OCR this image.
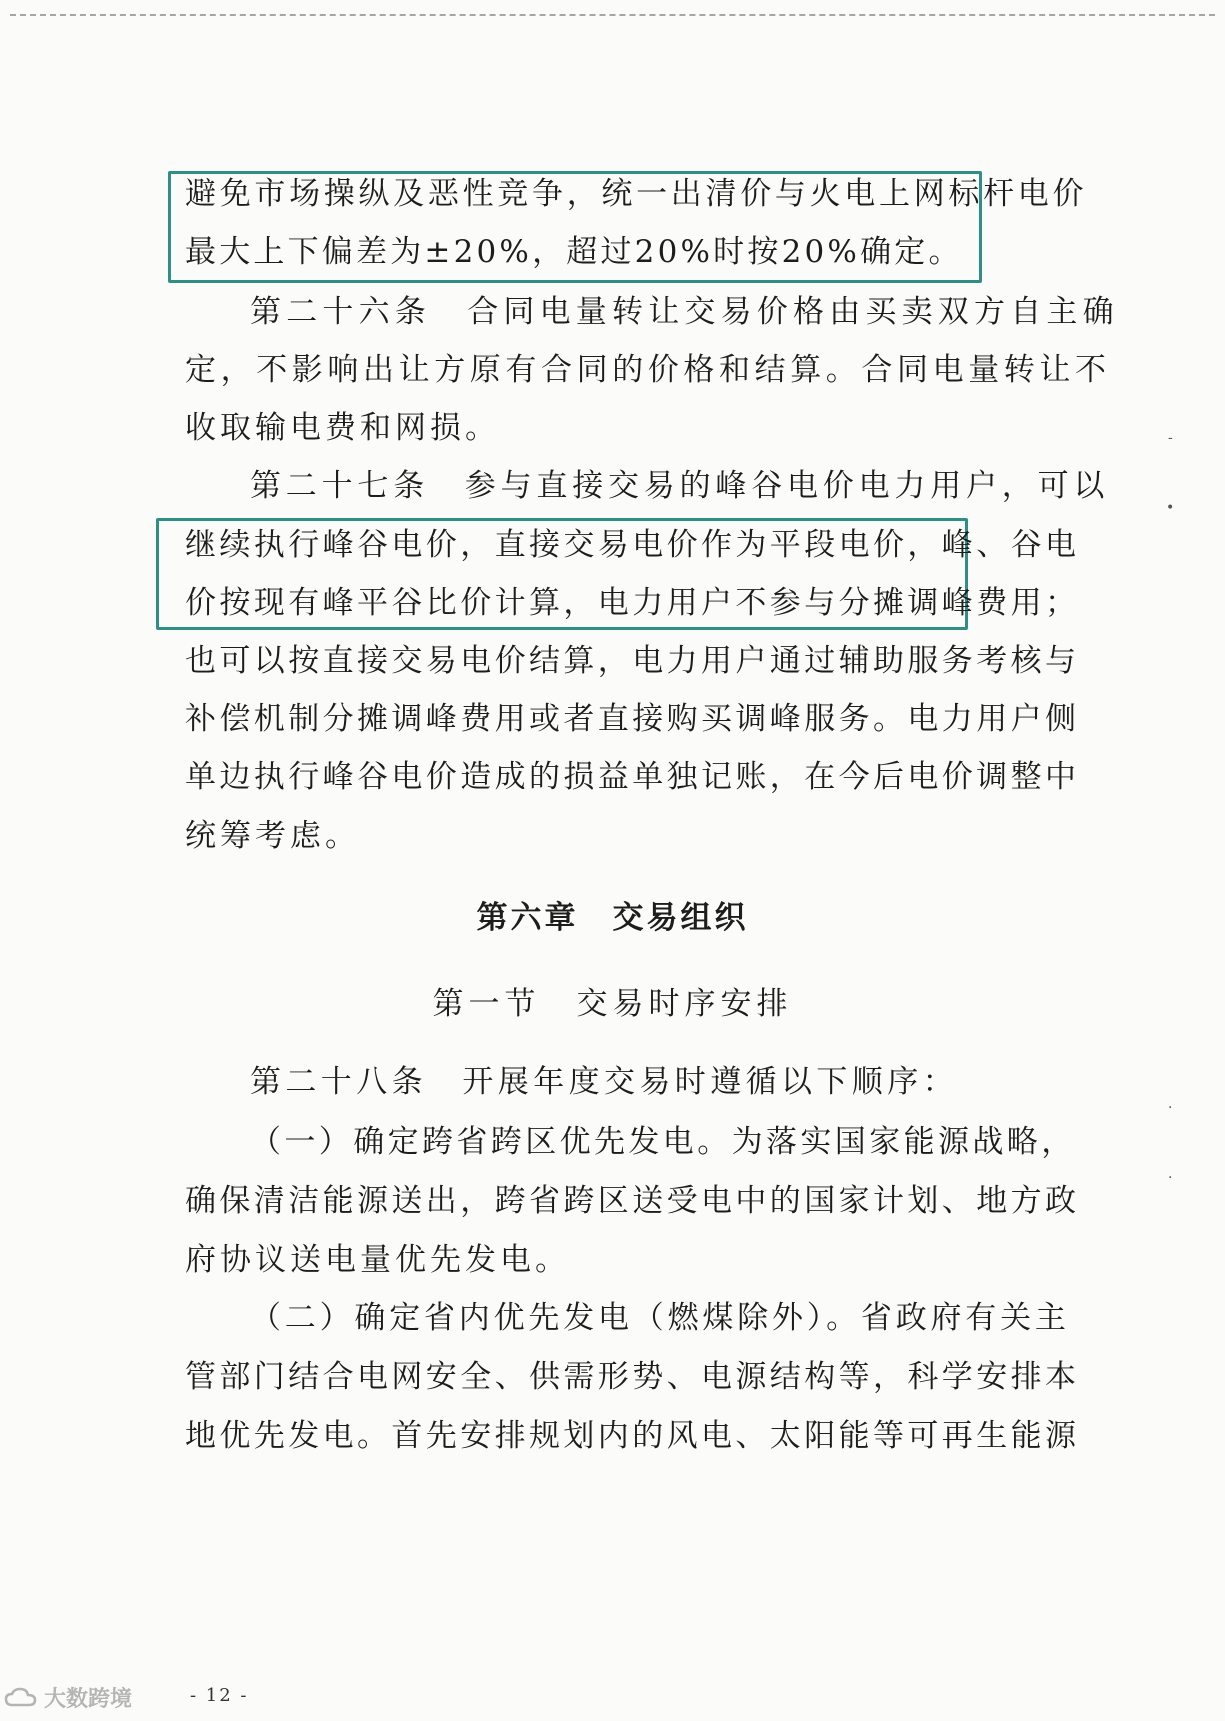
避免市场操纵及恶性竞争，统一出清价与火电上网标杆电价

最大上下偏差为±20%，超过20%时按20%确定。

第二十六条　合同电量转让交易价格由买卖双方自主确

定，不影响出让方原有合同的价格和结算。合同电量转让不

收取输电费和网损。

第二十七条　参与直接交易的峰谷电价电力用户，可以

继续执行峰谷电价，直接交易电价作为平段电价，峰、谷电

价按现有峰平谷比价计算，电力用户不参与分摊调峰费用；

也可以按直接交易电价结算，电力用户通过辅助服务考核与

补偿机制分摊调峰费用或者直接购买调峰服务。电力用户侧

单边执行峰谷电价造成的损益单独记账，在今后电价调整中

统筹考虑。

第六章　交易组织

第一节　交易时序安排

第二十八条　开展年度交易时遵循以下顺序：

（一）确定跨省跨区优先发电。为落实国家能源战略，

确保清洁能源送出，跨省跨区送受电中的国家计划、地方政

府协议送电量优先发电。

（二）确定省内优先发电（燃煤除外）。省政府有关主

管部门结合电网安全、供需形势、电源结构等，科学安排本

地优先发电。首先安排规划内的风电、太阳能等可再生能源

- 12 -
-
•
·
·
大数跨境
